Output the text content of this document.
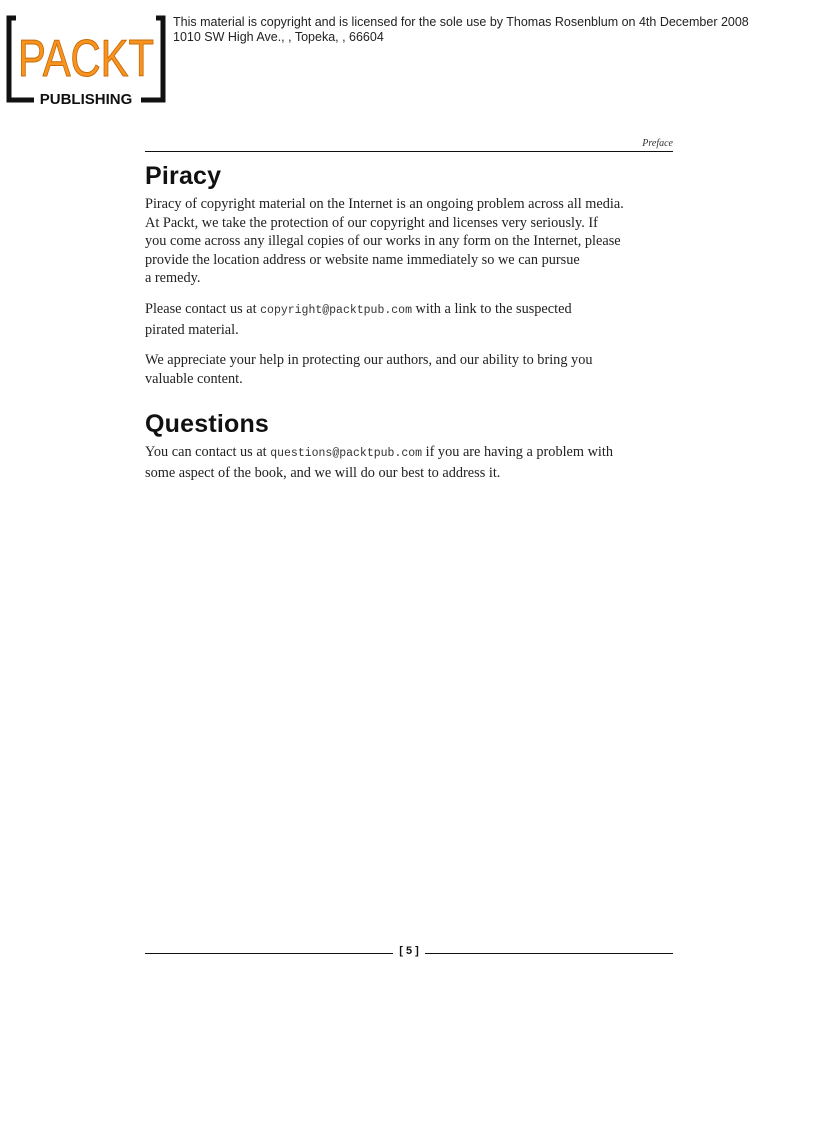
PACKT
PUBLISHING
This material is copyright and is licensed for the sole use by Thomas Rosenblum on 4th December 2008
1010 SW High Ave., , Topeka, , 66604
Preface
Piracy

Piracy of copyright material on the Internet is an ongoing problem across all media.
At Packt, we take the protection of our copyright and licenses very seriously. If
you come across any illegal copies of our works in any form on the Internet, please
provide the location address or website name immediately so we can pursue
a remedy.

Please contact us at copyright@packtpub.com with a link to the suspected
pirated material.

We appreciate your help in protecting our authors, and our ability to bring you
valuable content.

Questions

You can contact us at questions@packtpub.com if you are having a problem with
some aspect of the book, and we will do our best to address it.

[ 5 ]
